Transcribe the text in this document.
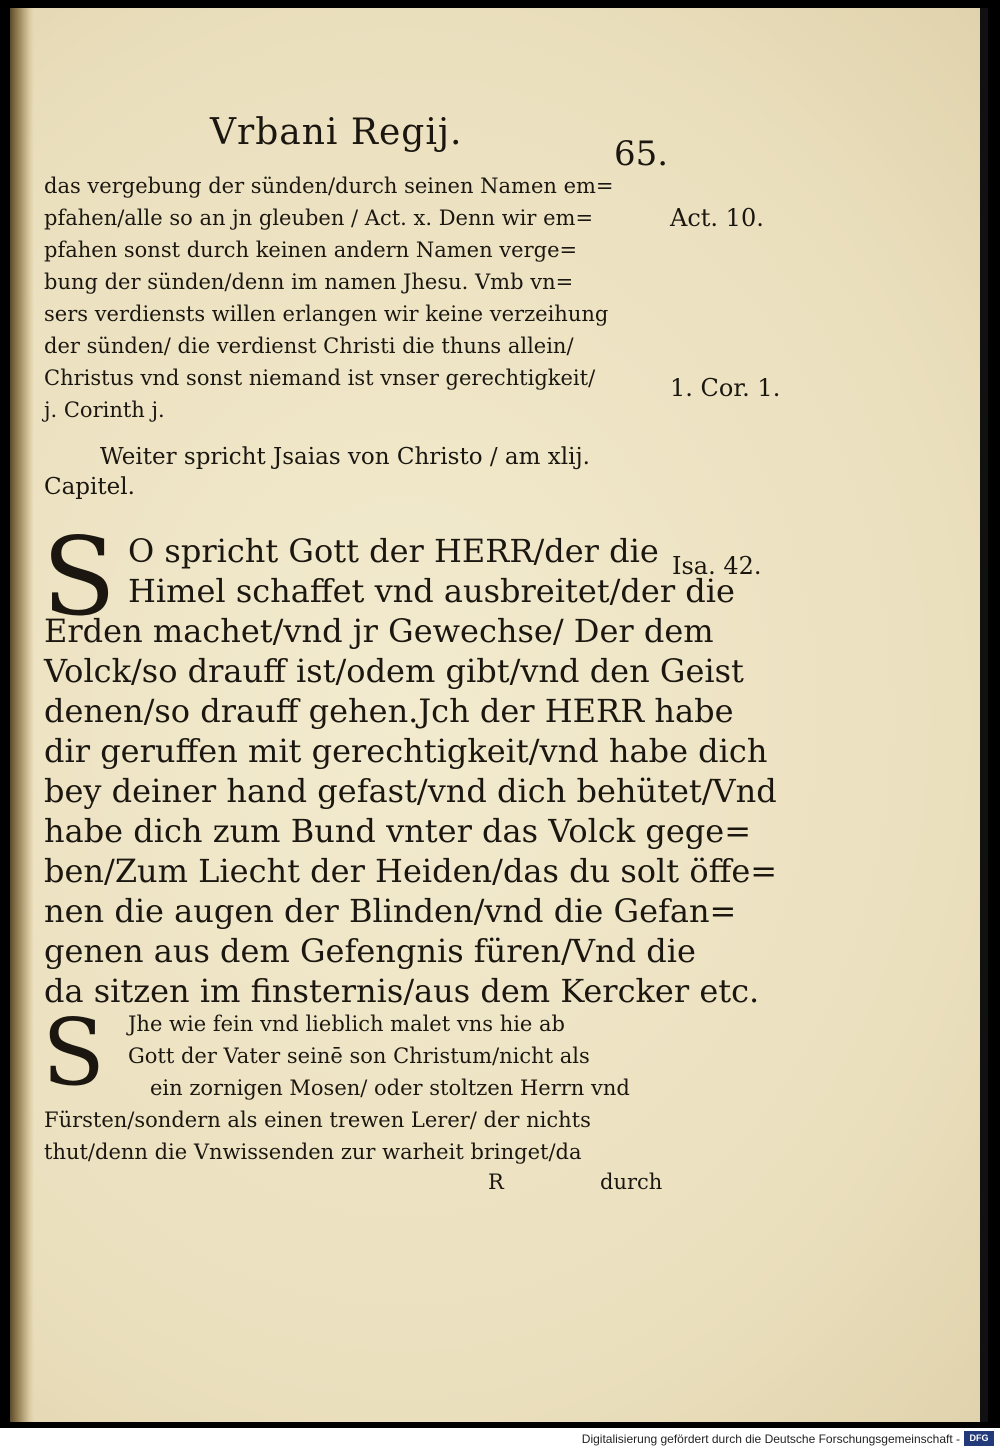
Vrbani Regij.
65.
das vergebung der sünden/durch seinen Namen em=
pfahen/alle so an jn gleuben / Act. x. Denn wir em=
pfahen sonst durch keinen andern Namen verge=
bung der sünden/denn im namen Jhesu. Vmb vn=
sers verdiensts willen erlangen wir keine verzeihung
der sünden/ die verdienst Christi die thuns allein/
Christus vnd sonst niemand ist vnser gerechtigkeit/
j. Corinth j.
Act. 10.
1. Cor. 1.
Weiter spricht Jsaias von Christo / am xlij.
Capitel.
S O spricht Gott der HERR/der die
Himel schaffet vnd ausbreitet/der die
Erden machet/vnd jr Gewechse/ Der dem
Volck/so drauff ist/odem gibt/vnd den Geist
denen/so drauff gehen.Jch der HERR habe
dir geruffen mit gerechtigkeit/vnd habe dich
bey deiner hand gefast/vnd dich behütet/Vnd
habe dich zum Bund vnter das Volck gege=
ben/Zum Liecht der Heiden/das du solt öffe=
nen die augen der Blinden/vnd die Gefan=
genen aus dem Gefengnis füren/Vnd die
da sitzen im finsternis/aus dem Kercker etc.
Isa. 42.
S Jhe wie fein vnd lieblich malet vns hie ab
Gott der Vater seinē son Christum/nicht als
ein zornigen Mosen/ oder stoltzen Herrn vnd
Fürsten/sondern als einen trewen Lerer/ der nichts
thut/denn die Vnwissenden zur warheit bringet/da
R	durch
Digitalisierung gefördert durch die Deutsche Forschungsgemeinschaft -	DFG
